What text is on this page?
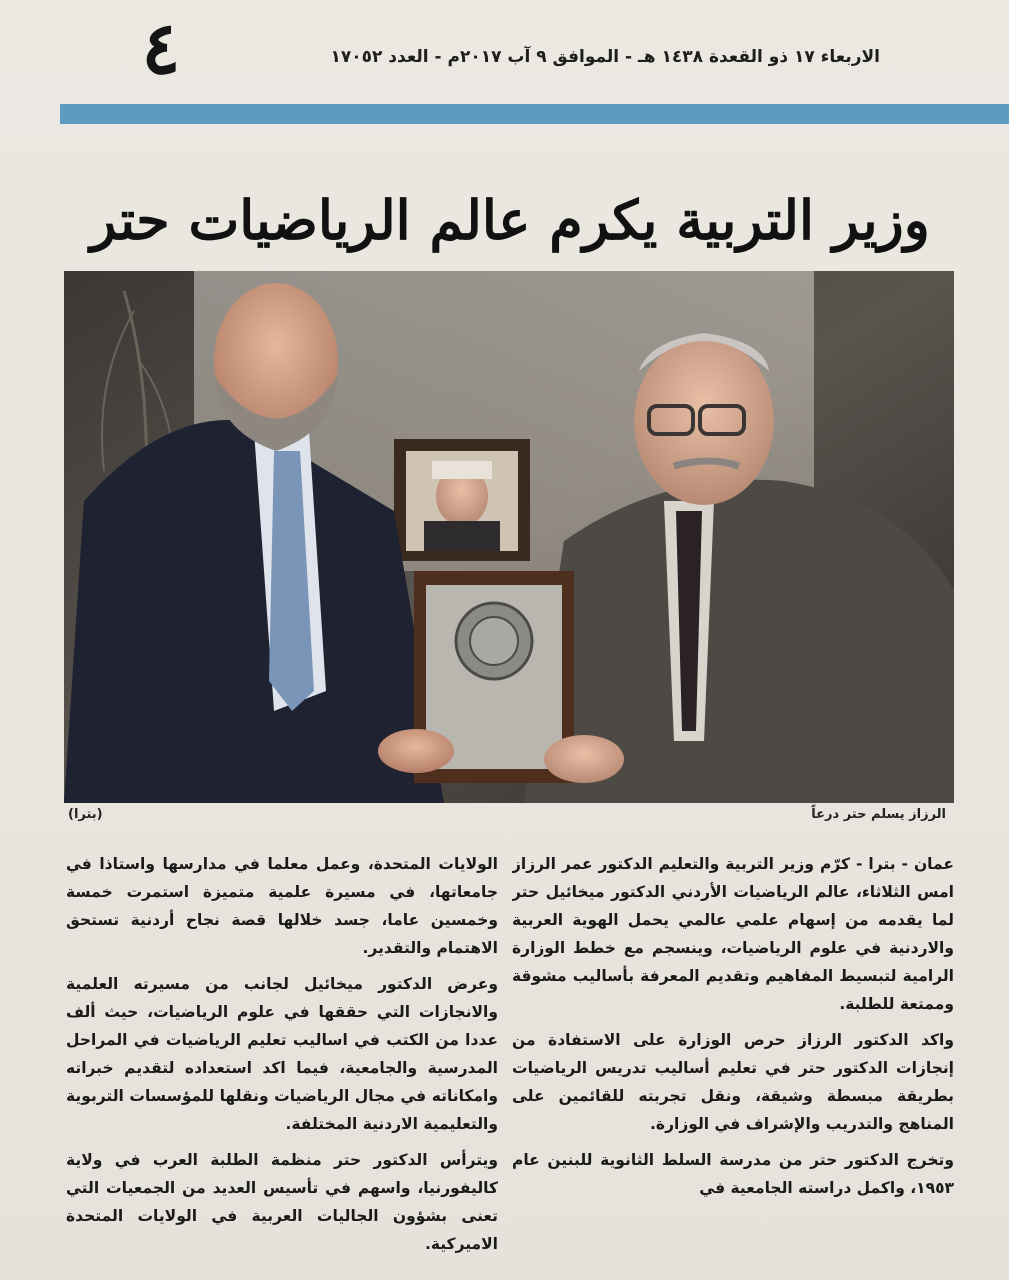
٤	الاربعاء ١٧ ذو القعدة ١٤٣٨ هـ - الموافق ٩ آب ٢٠١٧م - العدد ١٧٠٥٢
وزير التربية يكرم عالم الرياضيات حتر
الرزاز يسلم حتر درعاً
(بترا)

عمان - بترا - كرّم وزير التربية والتعليم الدكتور عمر الرزاز امس الثلاثاء، عالم الرياضيات الأردني الدكتور ميخائيل حتر لما يقدمه من إسهام علمي عالمي يحمل الهوية العربية والاردنية في علوم الرياضيات، وينسجم مع خطط الوزارة الرامية لتبسيط المفاهيم وتقديم المعرفة بأساليب مشوقة وممتعة للطلبة.

واكد الدكتور الرزاز حرص الوزارة على الاستفادة من إنجازات الدكتور حتر في تعليم أساليب تدريس الرياضيات بطريقة مبسطة وشيقة، ونقل تجربته للقائمين على المناهج والتدريب والإشراف في الوزارة.

وتخرج الدكتور حتر من مدرسة السلط الثانوية للبنين عام ١٩٥٣، واكمل دراسته الجامعية في

الولايات المتحدة، وعمل معلما في مدارسها واستاذا في جامعاتها، في مسيرة علمية متميزة استمرت خمسة وخمسين عاما، جسد خلالها قصة نجاح أردنية تستحق الاهتمام والتقدير.

وعرض الدكتور ميخائيل لجانب من مسيرته العلمية والانجازات التي حققها في علوم الرياضيات، حيث ألف عددا من الكتب في اساليب تعليم الرياضيات في المراحل المدرسية والجامعية، فيما اكد استعداده لتقديم خبراته وامكاناته في مجال الرياضيات ونقلها للمؤسسات التربوية والتعليمية الاردنية المختلفة.

ويترأس الدكتور حتر منظمة الطلبة العرب في ولاية كاليفورنيا، واسهم في تأسيس العديد من الجمعيات التي تعنى بشؤون الجاليات العربية في الولايات المتحدة الاميركية.
